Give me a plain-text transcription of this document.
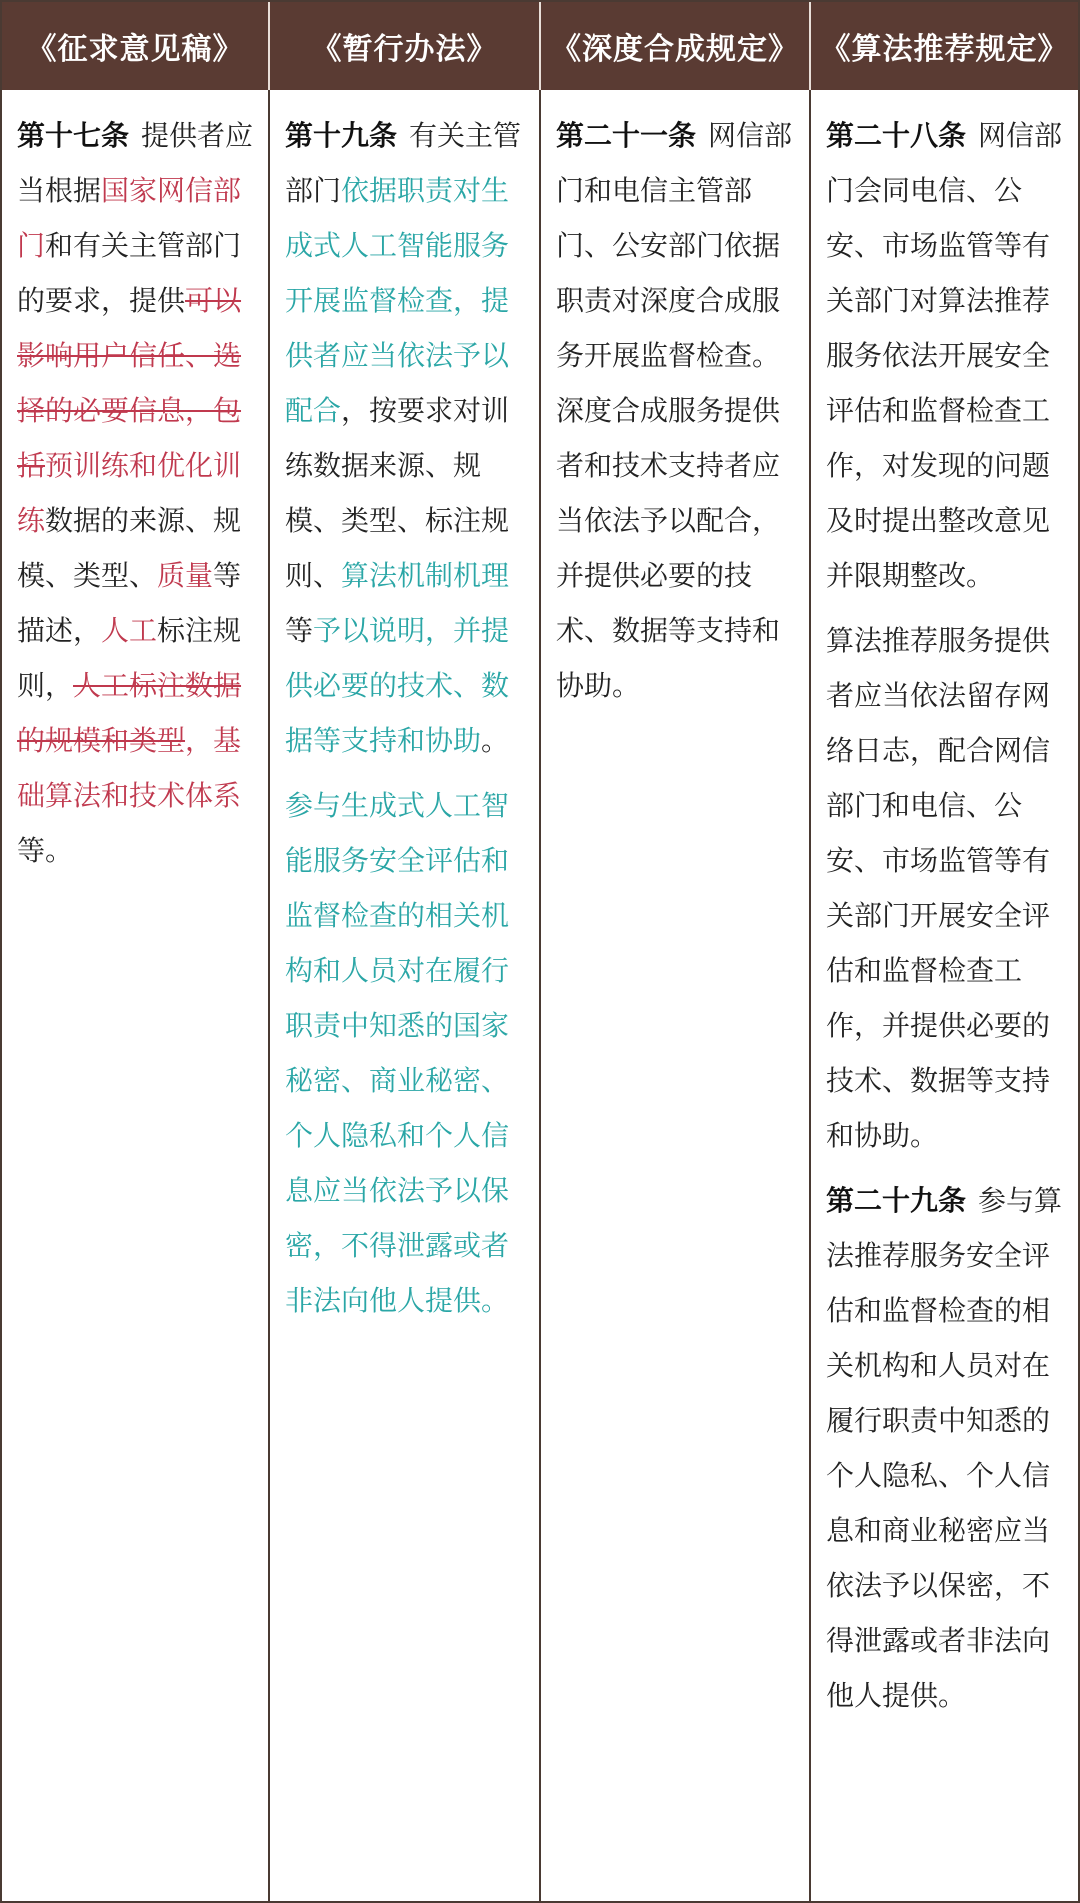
《征求意见稿》	《暂行办法》	《深度合成规定》 《算法推荐规定》

第十七条 提供者应当根据国家网信部门和有关主管部门的要求，提供可以影响用户信任、选择的必要信息，包括预训练和优化训练数据的来源、规模、类型、质量等描述，人工标注规则，人工标注数据的规模和类型，基础算法和技术体系等。

第十九条 有关主管部门依据职责对生成式人工智能服务开展监督检查，提供者应当依法予以配合，按要求对训练数据来源、规模、类型、标注规则、算法机制机理等予以说明，并提供必要的技术、数据等支持和协助。

参与生成式人工智能服务安全评估和监督检查的相关机构和人员对在履行职责中知悉的国家秘密、商业秘密、个人隐私和个人信息应当依法予以保密，不得泄露或者非法向他人提供。

第二十一条 网信部门和电信主管部门、公安部门依据职责对深度合成服务开展监督检查。深度合成服务提供者和技术支持者应当依法予以配合，并提供必要的技术、数据等支持和协助。

第二十八条 网信部门会同电信、公安、市场监管等有关部门对算法推荐服务依法开展安全评估和监督检查工作，对发现的问题及时提出整改意见并限期整改。

算法推荐服务提供者应当依法留存网络日志，配合网信部门和电信、公安、市场监管等有关部门开展安全评估和监督检查工作，并提供必要的技术、数据等支持和协助。

第二十九条 参与算法推荐服务安全评估和监督检查的相关机构和人员对在履行职责中知悉的个人隐私、个人信息和商业秘密应当依法予以保密，不得泄露或者非法向他人提供。
